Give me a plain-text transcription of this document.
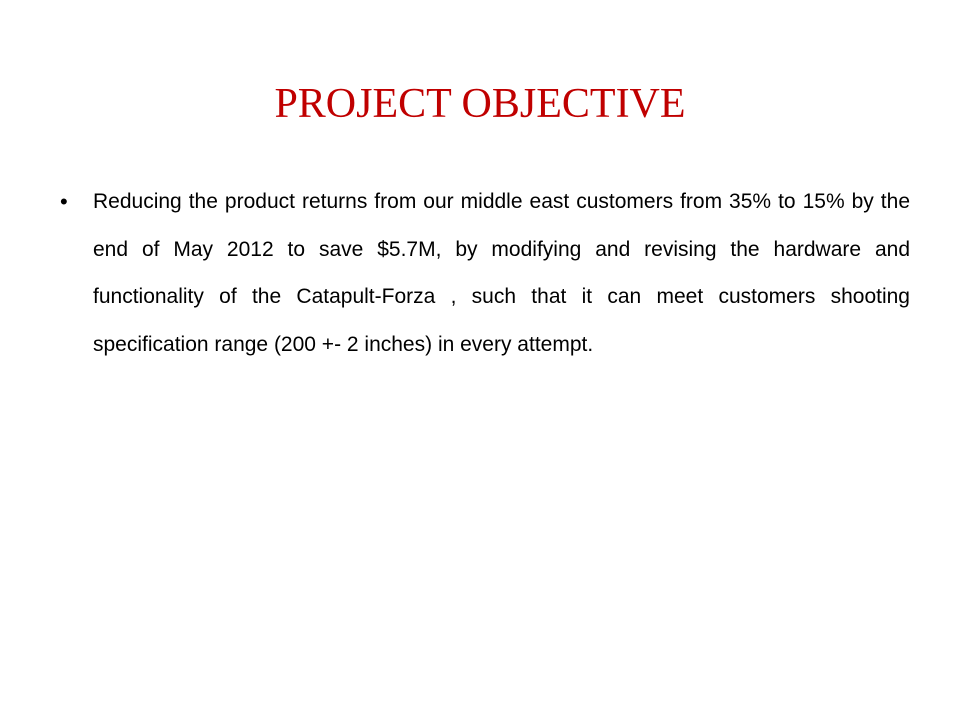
PROJECT OBJECTIVE
• Reducing the product returns from our middle east customers from 35% to 15% by the end of May 2012 to save $5.7M, by modifying and revising the hardware and functionality of the Catapult-Forza , such that it can meet customers shooting specification range (200 +- 2 inches) in every attempt.
